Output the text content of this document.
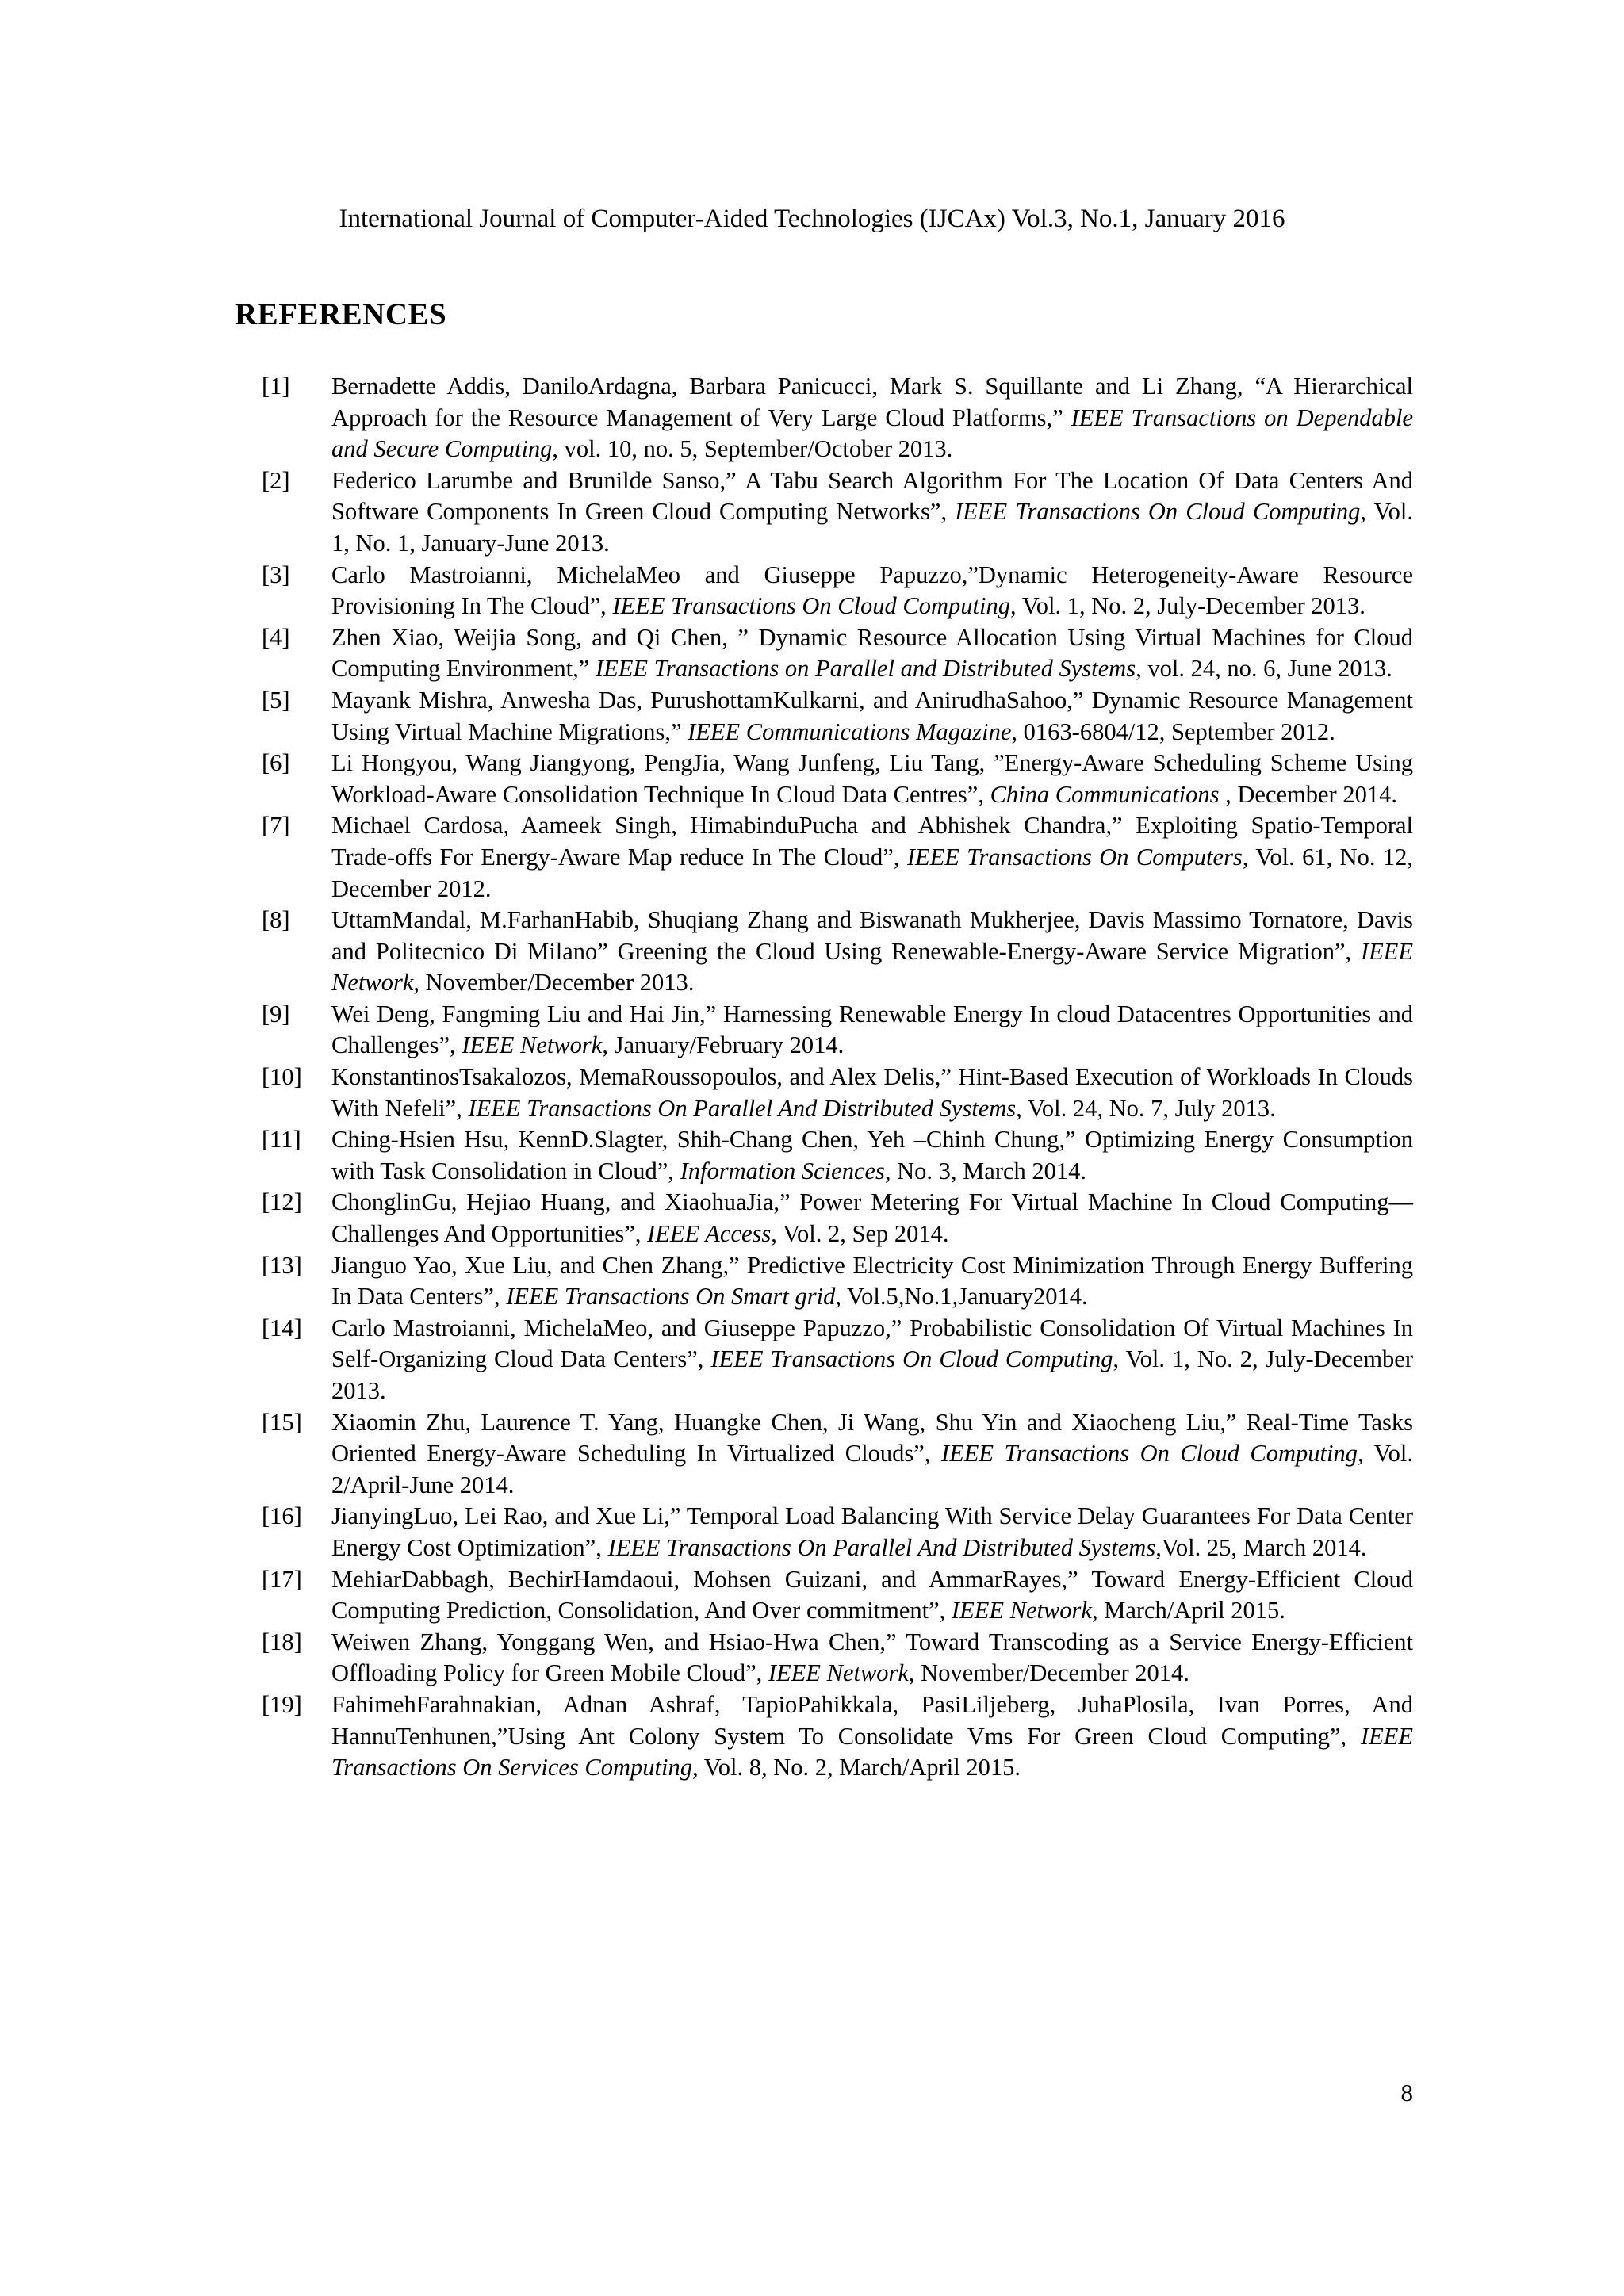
International Journal of Computer-Aided Technologies (IJCAx) Vol.3, No.1, January 2016
REFERENCES
[1]	Bernadette Addis, DaniloArdagna, Barbara Panicucci, Mark S. Squillante and Li Zhang, “A Hierarchical Approach for the Resource Management of Very Large Cloud Platforms,” IEEE Transactions on Dependable and Secure Computing, vol. 10, no. 5, September/October 2013.
[2]	Federico Larumbe and Brunilde Sanso,” A Tabu Search Algorithm For The Location Of Data Centers And Software Components In Green Cloud Computing Networks”, IEEE Transactions On Cloud Computing, Vol. 1, No. 1, January-June 2013.
[3]	Carlo Mastroianni, MichelaMeo and Giuseppe Papuzzo,”Dynamic Heterogeneity-Aware Resource Provisioning In The Cloud”, IEEE Transactions On Cloud Computing, Vol. 1, No. 2, July-December 2013.
[4]	Zhen Xiao, Weijia Song, and Qi Chen, ” Dynamic Resource Allocation Using Virtual Machines for Cloud Computing Environment,” IEEE Transactions on Parallel and Distributed Systems, vol. 24, no. 6, June 2013.
[5]	Mayank Mishra, Anwesha Das, PurushottamKulkarni, and AnirudhaSahoo,” Dynamic Resource Management Using Virtual Machine Migrations,” IEEE Communications Magazine, 0163-6804/12, September 2012.
[6]	Li Hongyou, Wang Jiangyong, PengJia, Wang Junfeng, Liu Tang, ”Energy-Aware Scheduling Scheme Using Workload-Aware Consolidation Technique In Cloud Data Centres”, China Communications , December 2014.
[7]	Michael Cardosa, Aameek Singh, HimabinduPucha and Abhishek Chandra,” Exploiting Spatio-Temporal Trade-offs For Energy-Aware Map reduce In The Cloud”, IEEE Transactions On Computers, Vol. 61, No. 12, December 2012.
[8]	UttamMandal, M.FarhanHabib, Shuqiang Zhang and Biswanath Mukherjee, Davis Massimo Tornatore, Davis and Politecnico Di Milano” Greening the Cloud Using Renewable-Energy-Aware Service Migration”, IEEE Network, November/December 2013.
[9]	Wei Deng, Fangming Liu and Hai Jin,” Harnessing Renewable Energy In cloud Datacentres Opportunities and Challenges”, IEEE Network, January/February 2014.
[10]	KonstantinosTsakalozos, MemaRoussopoulos, and Alex Delis,” Hint-Based Execution of Workloads In Clouds With Nefeli”, IEEE Transactions On Parallel And Distributed Systems, Vol. 24, No. 7, July 2013.
[11]	Ching-Hsien Hsu, KennD.Slagter, Shih-Chang Chen, Yeh –Chinh Chung,” Optimizing Energy Consumption with Task Consolidation in Cloud”, Information Sciences, No. 3, March 2014.
[12]	ChonglinGu, Hejiao Huang, and XiaohuaJia,” Power Metering For Virtual Machine In Cloud Computing—Challenges And Opportunities”, IEEE Access, Vol. 2, Sep 2014.
[13]	Jianguo Yao, Xue Liu, and Chen Zhang,” Predictive Electricity Cost Minimization Through Energy Buffering In Data Centers”, IEEE Transactions On Smart grid, Vol.5,No.1,January2014.
[14]	Carlo Mastroianni, MichelaMeo, and Giuseppe Papuzzo,” Probabilistic Consolidation Of Virtual Machines In Self-Organizing Cloud Data Centers”, IEEE Transactions On Cloud Computing, Vol. 1, No. 2, July-December 2013.
[15]	Xiaomin Zhu, Laurence T. Yang, Huangke Chen, Ji Wang, Shu Yin and Xiaocheng Liu,” Real-Time Tasks Oriented Energy-Aware Scheduling In Virtualized Clouds”, IEEE Transactions On Cloud Computing, Vol. 2/April-June 2014.
[16]	JianyingLuo, Lei Rao, and Xue Li,” Temporal Load Balancing With Service Delay Guarantees For Data Center Energy Cost Optimization”, IEEE Transactions On Parallel And Distributed Systems,Vol. 25, March 2014.
[17]	MehiarDabbagh, BechirHamdaoui, Mohsen Guizani, and AmmarRayes,” Toward Energy-Efficient Cloud Computing Prediction, Consolidation, And Over commitment”, IEEE Network, March/April 2015.
[18]	Weiwen Zhang, Yonggang Wen, and Hsiao-Hwa Chen,” Toward Transcoding as a Service Energy-Efficient Offloading Policy for Green Mobile Cloud”, IEEE Network, November/December 2014.
[19]	FahimehFarahnakian, Adnan Ashraf, TapioPahikkala, PasiLiljeberg, JuhaPlosila, Ivan Porres, And HannuTenhunen,”Using Ant Colony System To Consolidate Vms For Green Cloud Computing”, IEEE Transactions On Services Computing, Vol. 8, No. 2, March/April 2015.
8
